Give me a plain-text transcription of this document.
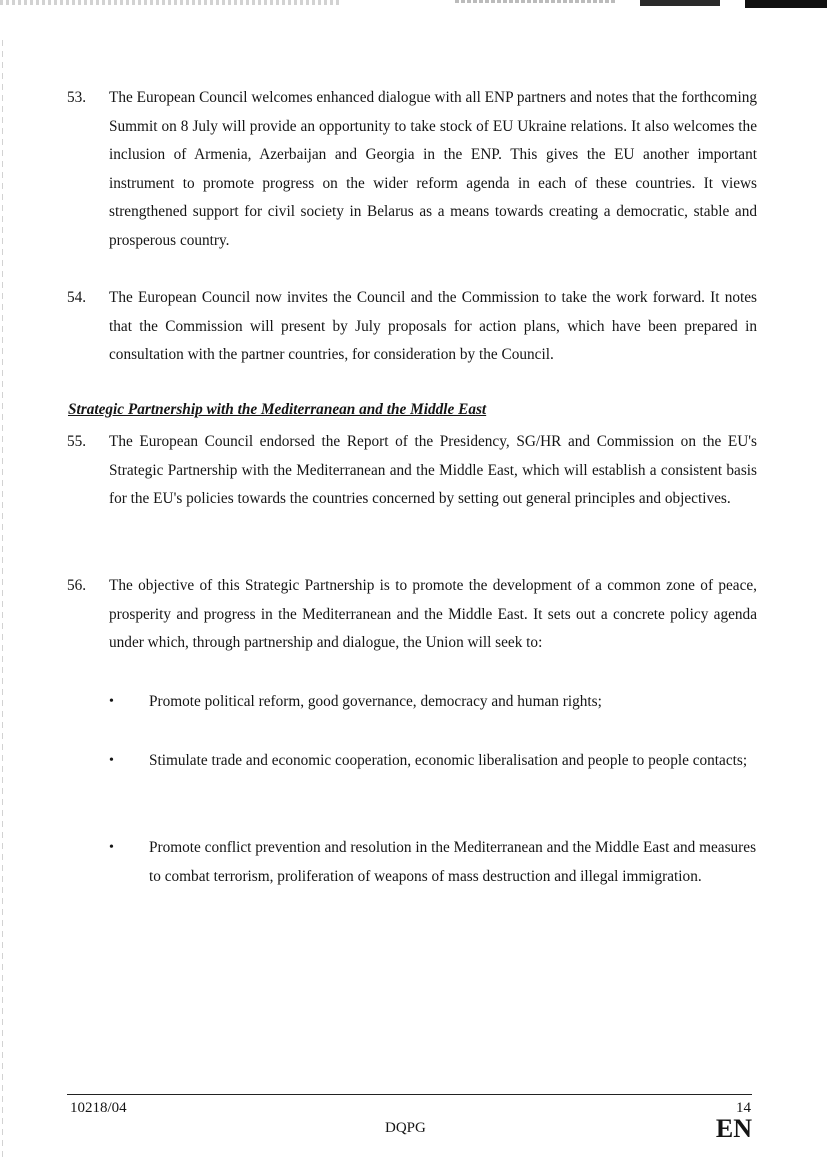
53.	The European Council welcomes enhanced dialogue with all ENP partners and notes that the forthcoming Summit on 8 July will provide an opportunity to take stock of EU Ukraine relations. It also welcomes the inclusion of Armenia, Azerbaijan and Georgia in the ENP. This gives the EU another important instrument to promote progress on the wider reform agenda in each of these countries. It views strengthened support for civil society in Belarus as a means towards creating a democratic, stable and prosperous country.
54.	The European Council now invites the Council and the Commission to take the work forward. It notes that the Commission will present by July proposals for action plans, which have been prepared in consultation with the partner countries, for consideration by the Council.
Strategic Partnership with the Mediterranean and the Middle East
55.	The European Council endorsed the Report of the Presidency, SG/HR and Commission on the EU's Strategic Partnership with the Mediterranean and the Middle East, which will establish a consistent basis for the EU's policies towards the countries concerned by setting out general principles and objectives.
56.	The objective of this Strategic Partnership is to promote the development of a common zone of peace, prosperity and progress in the Mediterranean and the Middle East. It sets out a concrete policy agenda under which, through partnership and dialogue, the Union will seek to:
•	Promote political reform, good governance, democracy and human rights;
•	Stimulate trade and economic cooperation, economic liberalisation and people to people contacts;
•	Promote conflict prevention and resolution in the Mediterranean and the Middle East and measures to combat terrorism, proliferation of weapons of mass destruction and illegal immigration.
10218/04
DQPG
14
EN
